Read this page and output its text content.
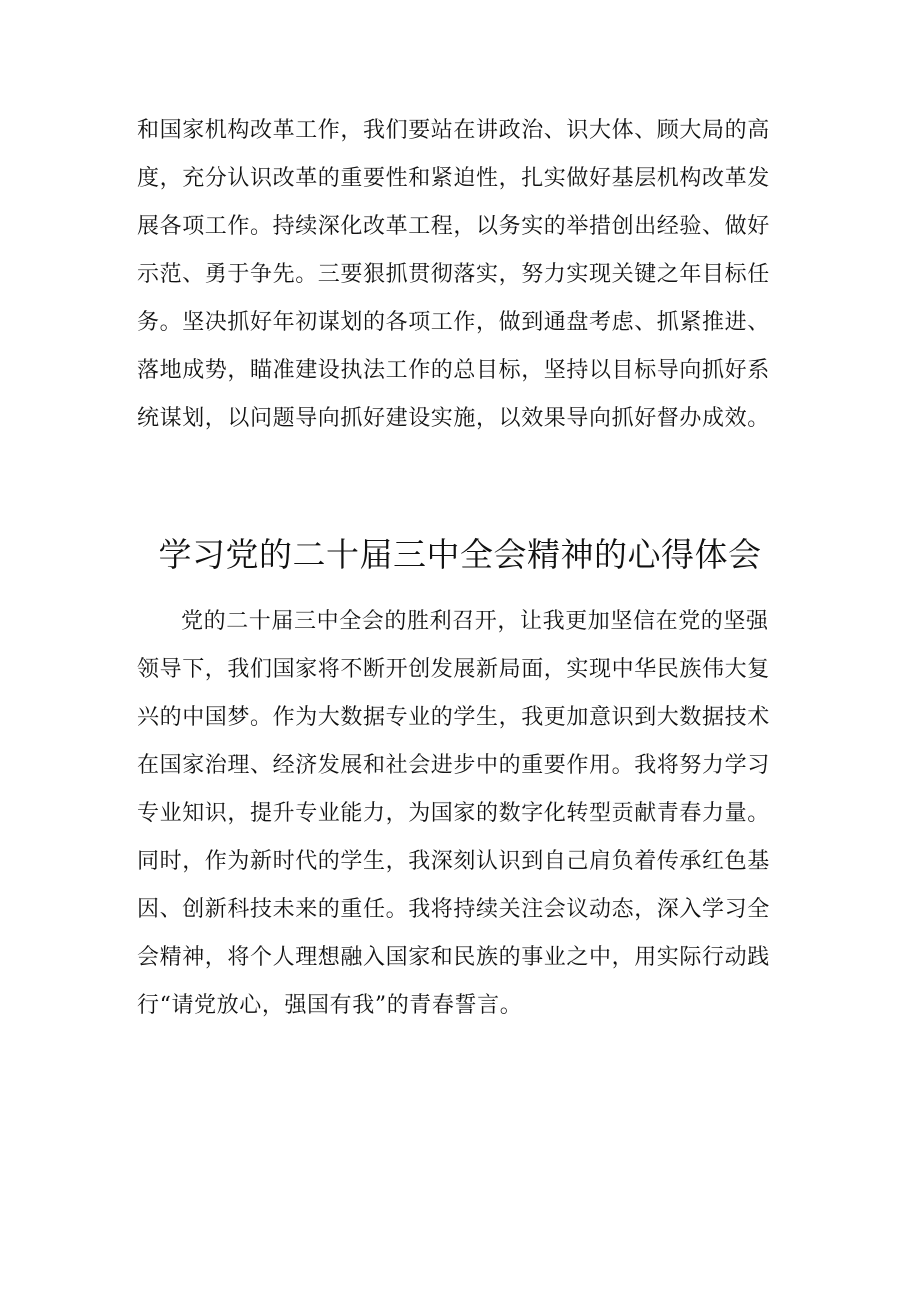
和国家机构改革工作，我们要站在讲政治、识大体、顾大局的高
度，充分认识改革的重要性和紧迫性，扎实做好基层机构改革发
展各项工作。持续深化改革工程，以务实的举措创出经验、做好
示范、勇于争先。三要狠抓贯彻落实，努力实现关键之年目标任
务。坚决抓好年初谋划的各项工作，做到通盘考虑、抓紧推进、
落地成势，瞄准建设执法工作的总目标，坚持以目标导向抓好系
统谋划，以问题导向抓好建设实施，以效果导向抓好督办成效。
学习党的二十届三中全会精神的心得体会
党的二十届三中全会的胜利召开，让我更加坚信在党的坚强
领导下，我们国家将不断开创发展新局面，实现中华民族伟大复
兴的中国梦。作为大数据专业的学生，我更加意识到大数据技术
在国家治理、经济发展和社会进步中的重要作用。我将努力学习
专业知识，提升专业能力，为国家的数字化转型贡献青春力量。
同时，作为新时代的学生，我深刻认识到自己肩负着传承红色基
因、创新科技未来的重任。我将持续关注会议动态，深入学习全
会精神，将个人理想融入国家和民族的事业之中，用实际行动践
行“请党放心，强国有我”的青春誓言。
